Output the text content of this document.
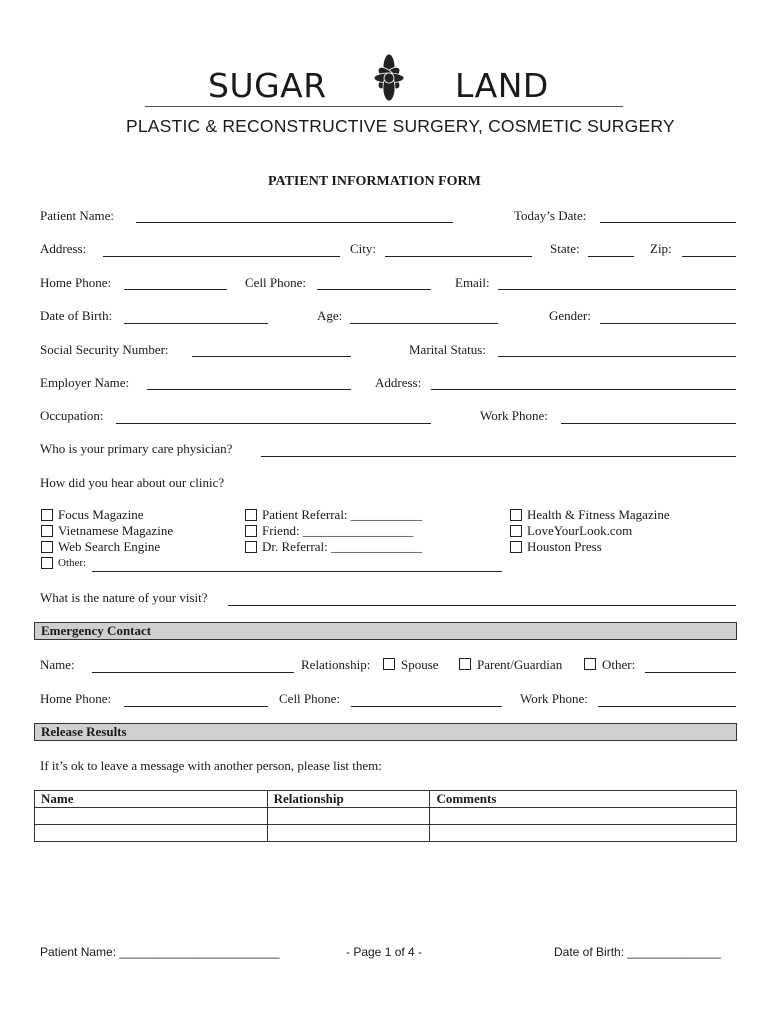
SUGAR	LAND
PLASTIC & RECONSTRUCTIVE SURGERY, COSMETIC SURGERY
PATIENT INFORMATION FORM
Patient Name:	Today’s Date:
Address:	City:	State:	Zip:
Home Phone:	Cell Phone:	Email:
Date of Birth:	Age:	Gender:
Social Security Number:	Marital Status:
Employer Name:	Address:
Occupation:	Work Phone:
Who is your primary care physician?
How did you hear about our clinic?
Focus Magazine
Vietnamese Magazine
Web Search Engine
Other:
Patient Referral: ___________
Friend: _________________
Dr. Referral: ______________
Health & Fitness Magazine
LoveYourLook.com
Houston Press
What is the nature of your visit?
Emergency Contact
Name:	Relationship: Spouse	Parent/Guardian	Other:
Home Phone:	Cell Phone:	Work Phone:
Release Results
If it’s ok to leave a message with another person, please list them:
Name	Relationship	Comments

Patient Name: ________________________	- Page 1 of 4 -	Date of Birth: ______________
